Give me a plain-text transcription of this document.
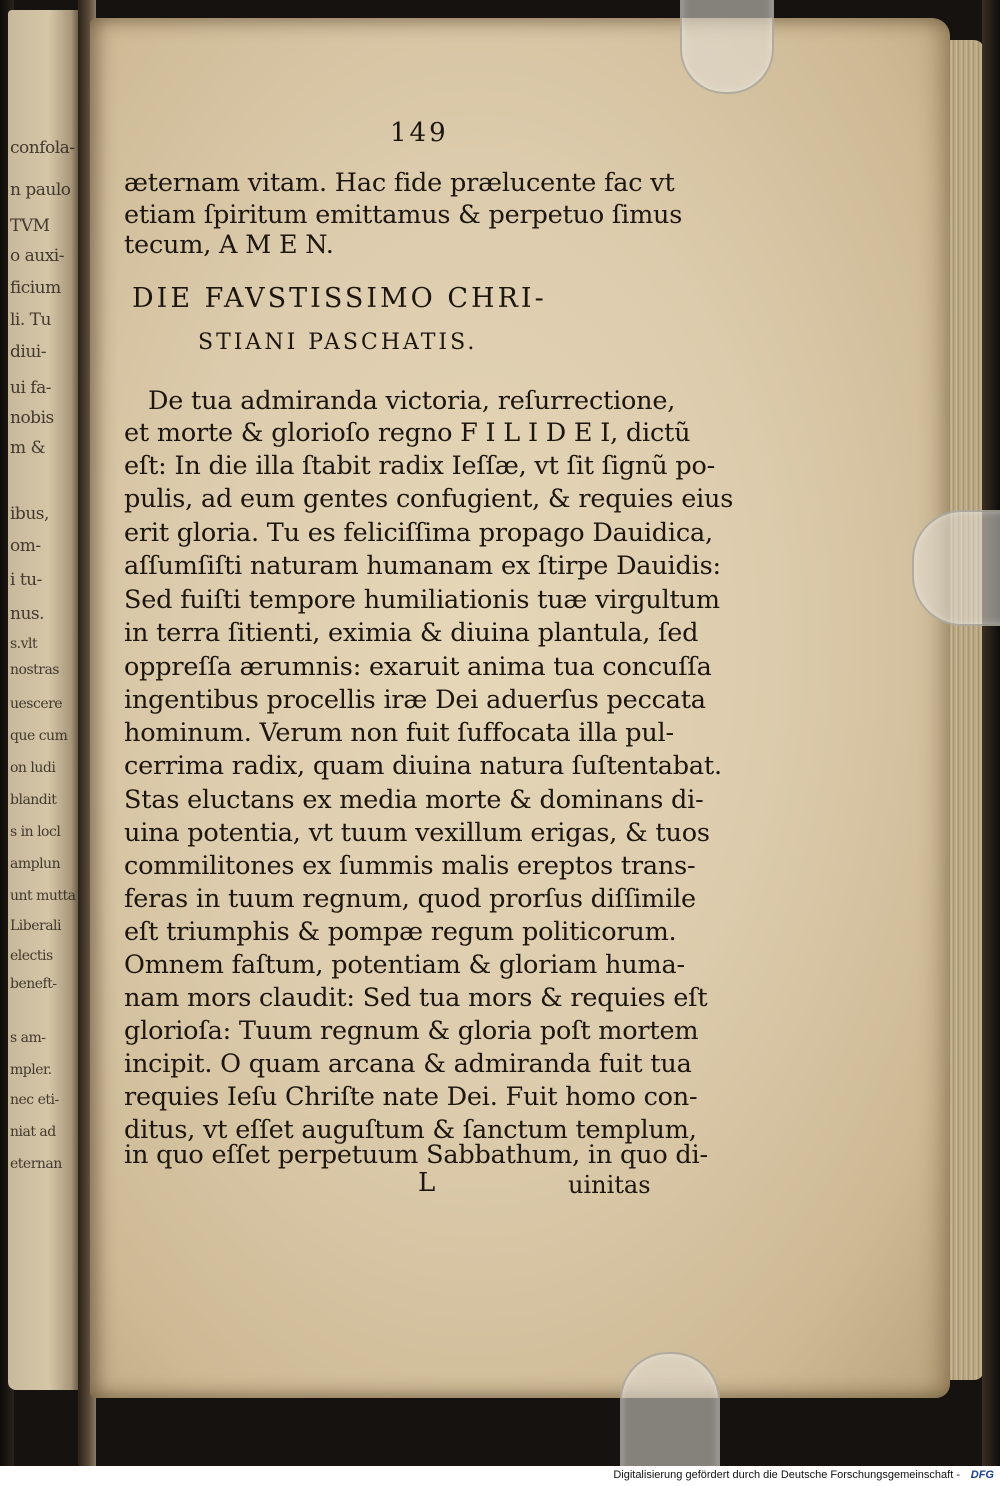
confola-
n paulo
TVM
o auxi-
ficium
li. Tu
diui-
ui fa-
nobis
m &
ibus,
om-
i tu-
nus.
s.vlt
nostras
uescere
que cum
on ludi
blandit
s in locl
amplun
unt mutta
Liberali
electis
beneft-
s am-
mpler.
nec eti-
niat ad
eternan
149
æternam vitam. Hac fide prælucente fac vt
etiam ſpiritum emittamus & perpetuo ſimus
tecum, A M E N.
DIE FAVSTISSIMO CHRI-
STIANI PASCHATIS.
De tua admiranda victoria, reſurrectione,
et morte & glorioſo regno F I L I D E I, dictũ
eſt: In die illa ſtabit radix Ieſſæ, vt ſit ſignũ po-
pulis, ad eum gentes confugient, & requies eius
erit gloria. Tu es feliciſſima propago Dauidica,
aſſumſiſti naturam humanam ex ſtirpe Dauidis:
Sed fuiſti tempore humiliationis tuæ virgultum
in terra ſitienti, eximia & diuina plantula, ſed
oppreſſa ærumnis: exaruit anima tua concuſſa
ingentibus procellis iræ Dei aduerſus peccata
hominum. Verum non fuit ſuffocata illa pul-
cerrima radix, quam diuina natura ſuſtentabat.
Stas eluctans ex media morte & dominans di-
uina potentia, vt tuum vexillum erigas, & tuos
commilitones ex ſummis malis ereptos trans-
feras in tuum regnum, quod prorſus diſſimile
eſt triumphis & pompæ regum politicorum.
Omnem faſtum, potentiam & gloriam huma-
nam mors claudit: Sed tua mors & requies eſt
glorioſa: Tuum regnum & gloria poſt mortem
incipit. O quam arcana & admiranda fuit tua
requies Ieſu Chriſte nate Dei. Fuit homo con-
ditus, vt eſſet auguſtum & ſanctum templum,
in quo eſſet perpetuum Sabbathum, in quo di-
L	uinitas
Digitalisierung gefördert durch die Deutsche Forschungsgemeinschaft - DFG
